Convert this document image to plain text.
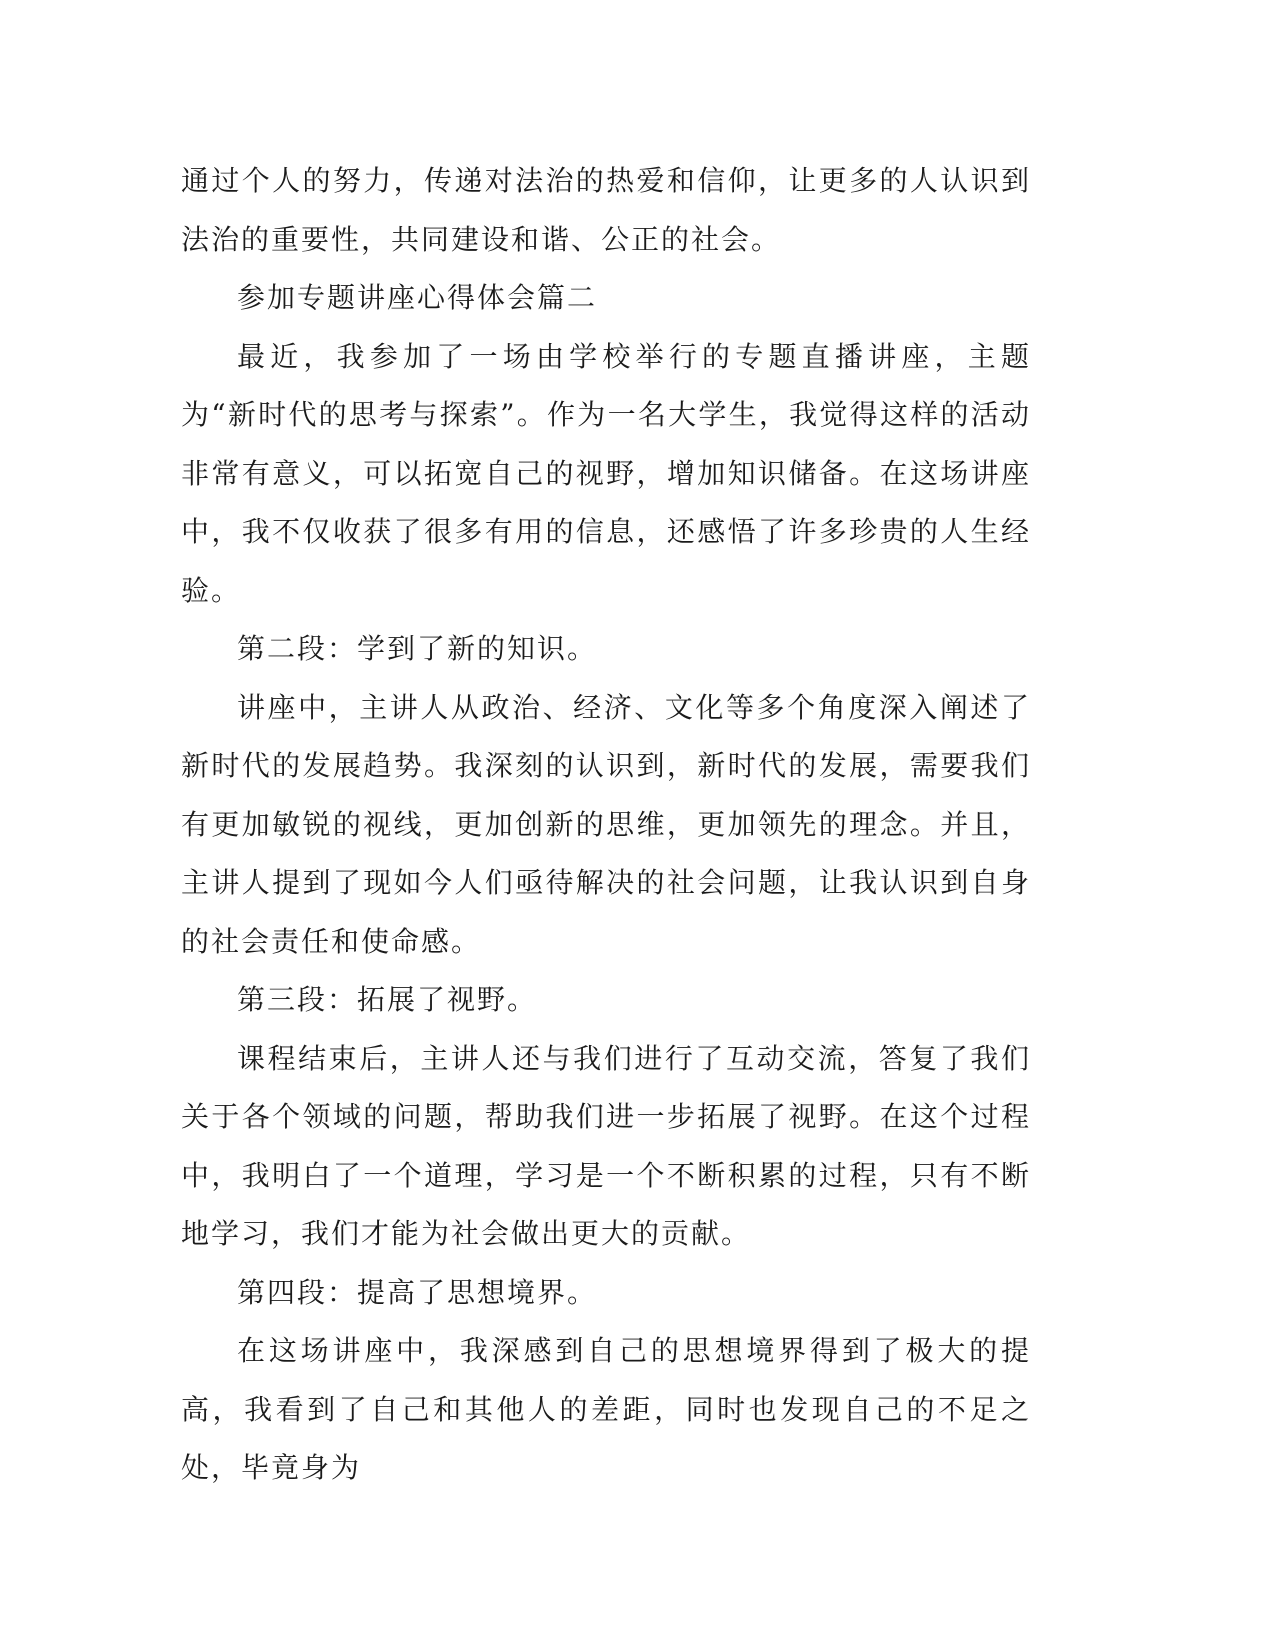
通过个人的努力，传递对法治的热爱和信仰，让更多的人认识到法治的重要性，共同建设和谐、公正的社会。

参加专题讲座心得体会篇二

最近，我参加了一场由学校举行的专题直播讲座，主题为“新时代的思考与探索”。作为一名大学生，我觉得这样的活动非常有意义，可以拓宽自己的视野，增加知识储备。在这场讲座中，我不仅收获了很多有用的信息，还感悟了许多珍贵的人生经验。

第二段：学到了新的知识。

讲座中，主讲人从政治、经济、文化等多个角度深入阐述了新时代的发展趋势。我深刻的认识到，新时代的发展，需要我们有更加敏锐的视线，更加创新的思维，更加领先的理念。并且，主讲人提到了现如今人们亟待解决的社会问题，让我认识到自身的社会责任和使命感。

第三段：拓展了视野。

课程结束后，主讲人还与我们进行了互动交流，答复了我们关于各个领域的问题，帮助我们进一步拓展了视野。在这个过程中，我明白了一个道理，学习是一个不断积累的过程，只有不断地学习，我们才能为社会做出更大的贡献。

第四段：提高了思想境界。

在这场讲座中，我深感到自己的思想境界得到了极大的提高，我看到了自己和其他人的差距，同时也发现自己的不足之处，毕竟身为
